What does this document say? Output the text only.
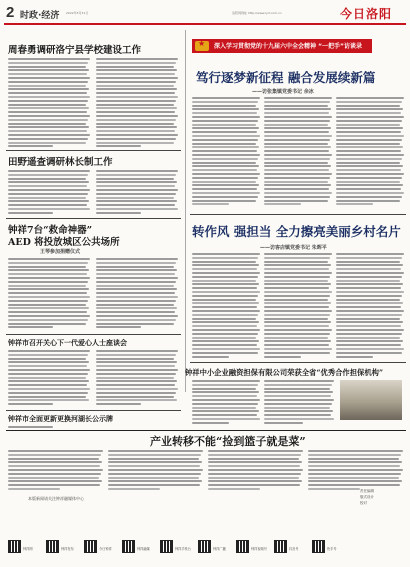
2 时政·经济 2022年5月31日	洛阳网网址 http://www.lyd.com.cn	今日洛阳
周春勇调研洛宁县学校建设工作
田野遥查调研林长制工作
钟祥7台“救命神器”
AED 将投放城区公共场所
王琴参加捐赠仪式
钟祥市召开关心下一代爱心人士座谈会
钟祥市全面更新更换河湖长公示牌
★
深入学习贯彻党的十九届六中全会精神 “一把手”访谈录
笃行逐梦新征程 融合发展续新篇
——访张集镇党委书记 余冰
转作风 强担当 全力擦亮美丽乡村名片
——访客店镇党委书记 朱晖平
钟祥中小企业融资担保有限公司荣获全省“优秀合作担保机构”
产业转移不能“捡到篮子就是菜”
本版新闻请关注钟祥融媒体中心
责任编辑
版式设计
校对
钟祥网	钟祥发布	今日钟祥	钟祥融媒	钟祥手机台	钟祥广播	钟祥视频号	抖音号	快手号
